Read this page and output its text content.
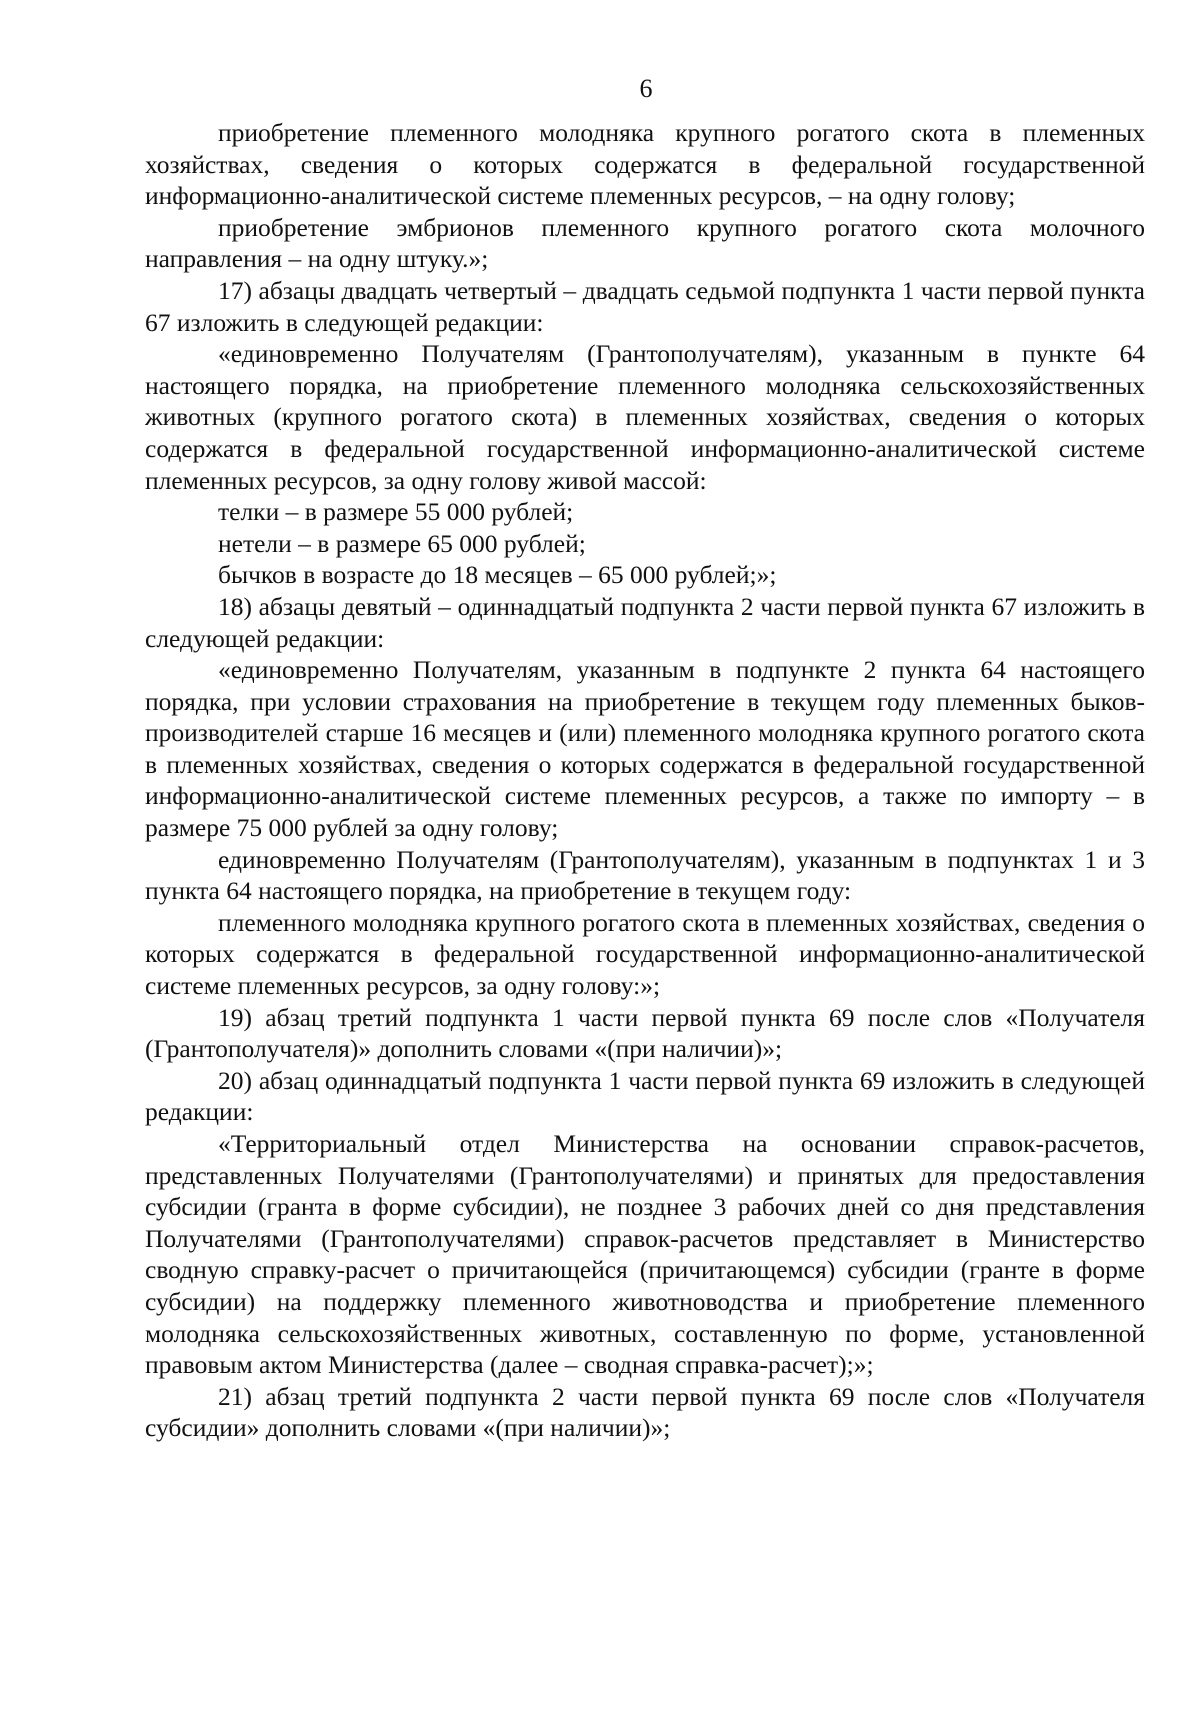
6

приобретение племенного молодняка крупного рогатого скота в племенных хозяйствах, сведения о которых содержатся в федеральной государственной информационно-аналитической системе племенных ресурсов, – на одну голову;

приобретение эмбрионов племенного крупного рогатого скота молочного направления – на одну штуку.»;

17) абзацы двадцать четвертый – двадцать седьмой подпункта 1 части первой пункта 67 изложить в следующей редакции:

«единовременно Получателям (Грантополучателям), указанным в пункте 64 настоящего порядка, на приобретение племенного молодняка сельскохозяйственных животных (крупного рогатого скота) в племенных хозяйствах, сведения о которых содержатся в федеральной государственной информационно-аналитической системе племенных ресурсов, за одну голову живой массой:

телки – в размере 55 000 рублей;

нетели – в размере 65 000 рублей;

бычков в возрасте до 18 месяцев – 65 000 рублей;»;

18) абзацы девятый – одиннадцатый подпункта 2 части первой пункта 67 изложить в следующей редакции:

«единовременно Получателям, указанным в подпункте 2 пункта 64 настоящего порядка, при условии страхования на приобретение в текущем году племенных быков-производителей старше 16 месяцев и (или) племенного молодняка крупного рогатого скота в племенных хозяйствах, сведения о которых содержатся в федеральной государственной информационно-аналитической системе племенных ресурсов, а также по импорту – в размере 75 000 рублей за одну голову;

единовременно Получателям (Грантополучателям), указанным в подпунктах 1 и 3 пункта 64 настоящего порядка, на приобретение в текущем году:

племенного молодняка крупного рогатого скота в племенных хозяйствах, сведения о которых содержатся в федеральной государственной информационно-аналитической системе племенных ресурсов, за одну голову:»;

19) абзац третий подпункта 1 части первой пункта 69 после слов «Получателя (Грантополучателя)» дополнить словами «(при наличии)»;

20) абзац одиннадцатый подпункта 1 части первой пункта 69 изложить в следующей редакции:

«Территориальный отдел Министерства на основании справок-расчетов, представленных Получателями (Грантополучателями) и принятых для предоставления субсидии (гранта в форме субсидии), не позднее 3 рабочих дней со дня представления Получателями (Грантополучателями) справок-расчетов представляет в Министерство сводную справку-расчет о причитающейся (причитающемся) субсидии (гранте в форме субсидии) на поддержку племенного животноводства и приобретение племенного молодняка сельскохозяйственных животных, составленную по форме, установленной правовым актом Министерства (далее – сводная справка-расчет);»;

21) абзац третий подпункта 2 части первой пункта 69 после слов «Получателя субсидии» дополнить словами «(при наличии)»;
